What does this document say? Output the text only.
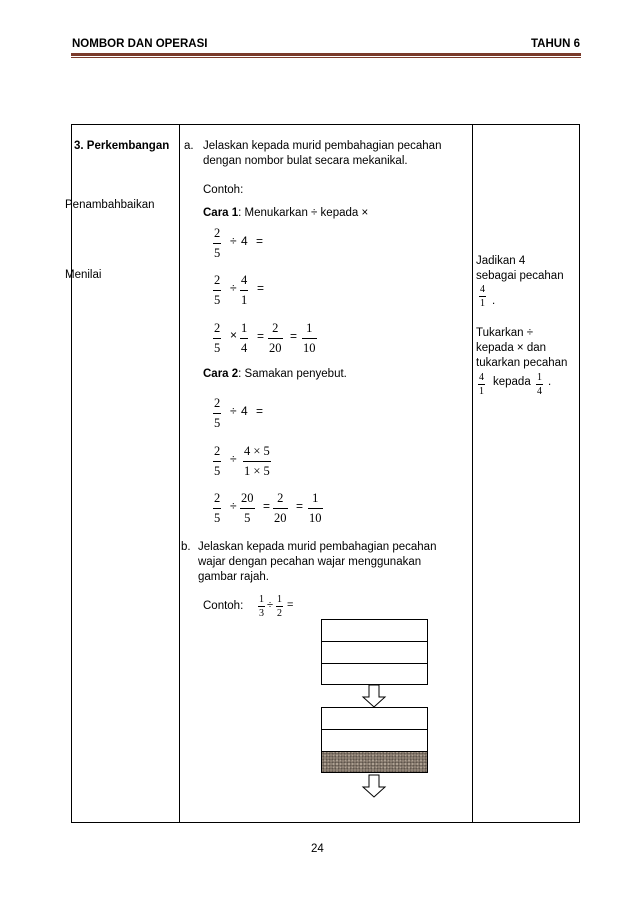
NOMBOR DAN OPERASI	TAHUN 6
3. Perkembangan
Penambahbaikan
Menilai
a. Jelaskan kepada murid pembahagian pecahan
dengan nombor bulat secara mekanikal.
Contoh:
Cara 1: Menukarkan ÷ kepada ×
2
5
÷ 4 =
2
5
÷
4
1
=
2
5
× 1
4
=
2
20
=
1
10
Cara 2: Samakan penyebut.
2
5
÷ 4 =
2
5
÷
4 × 5
1 × 5
2
5
÷
20
5
=
2
20
=
1
10
b. Jelaskan kepada murid pembahagian pecahan
wajar dengan pecahan wajar menggunakan
gambar rajah.
Contoh:
1
3
÷ 1
2
=
Jadikan 4
sebagai pecahan
4
1 .
Tukarkan ÷
kepada × dan
tukarkan pecahan
4
1
kepada 1
4
.
24
